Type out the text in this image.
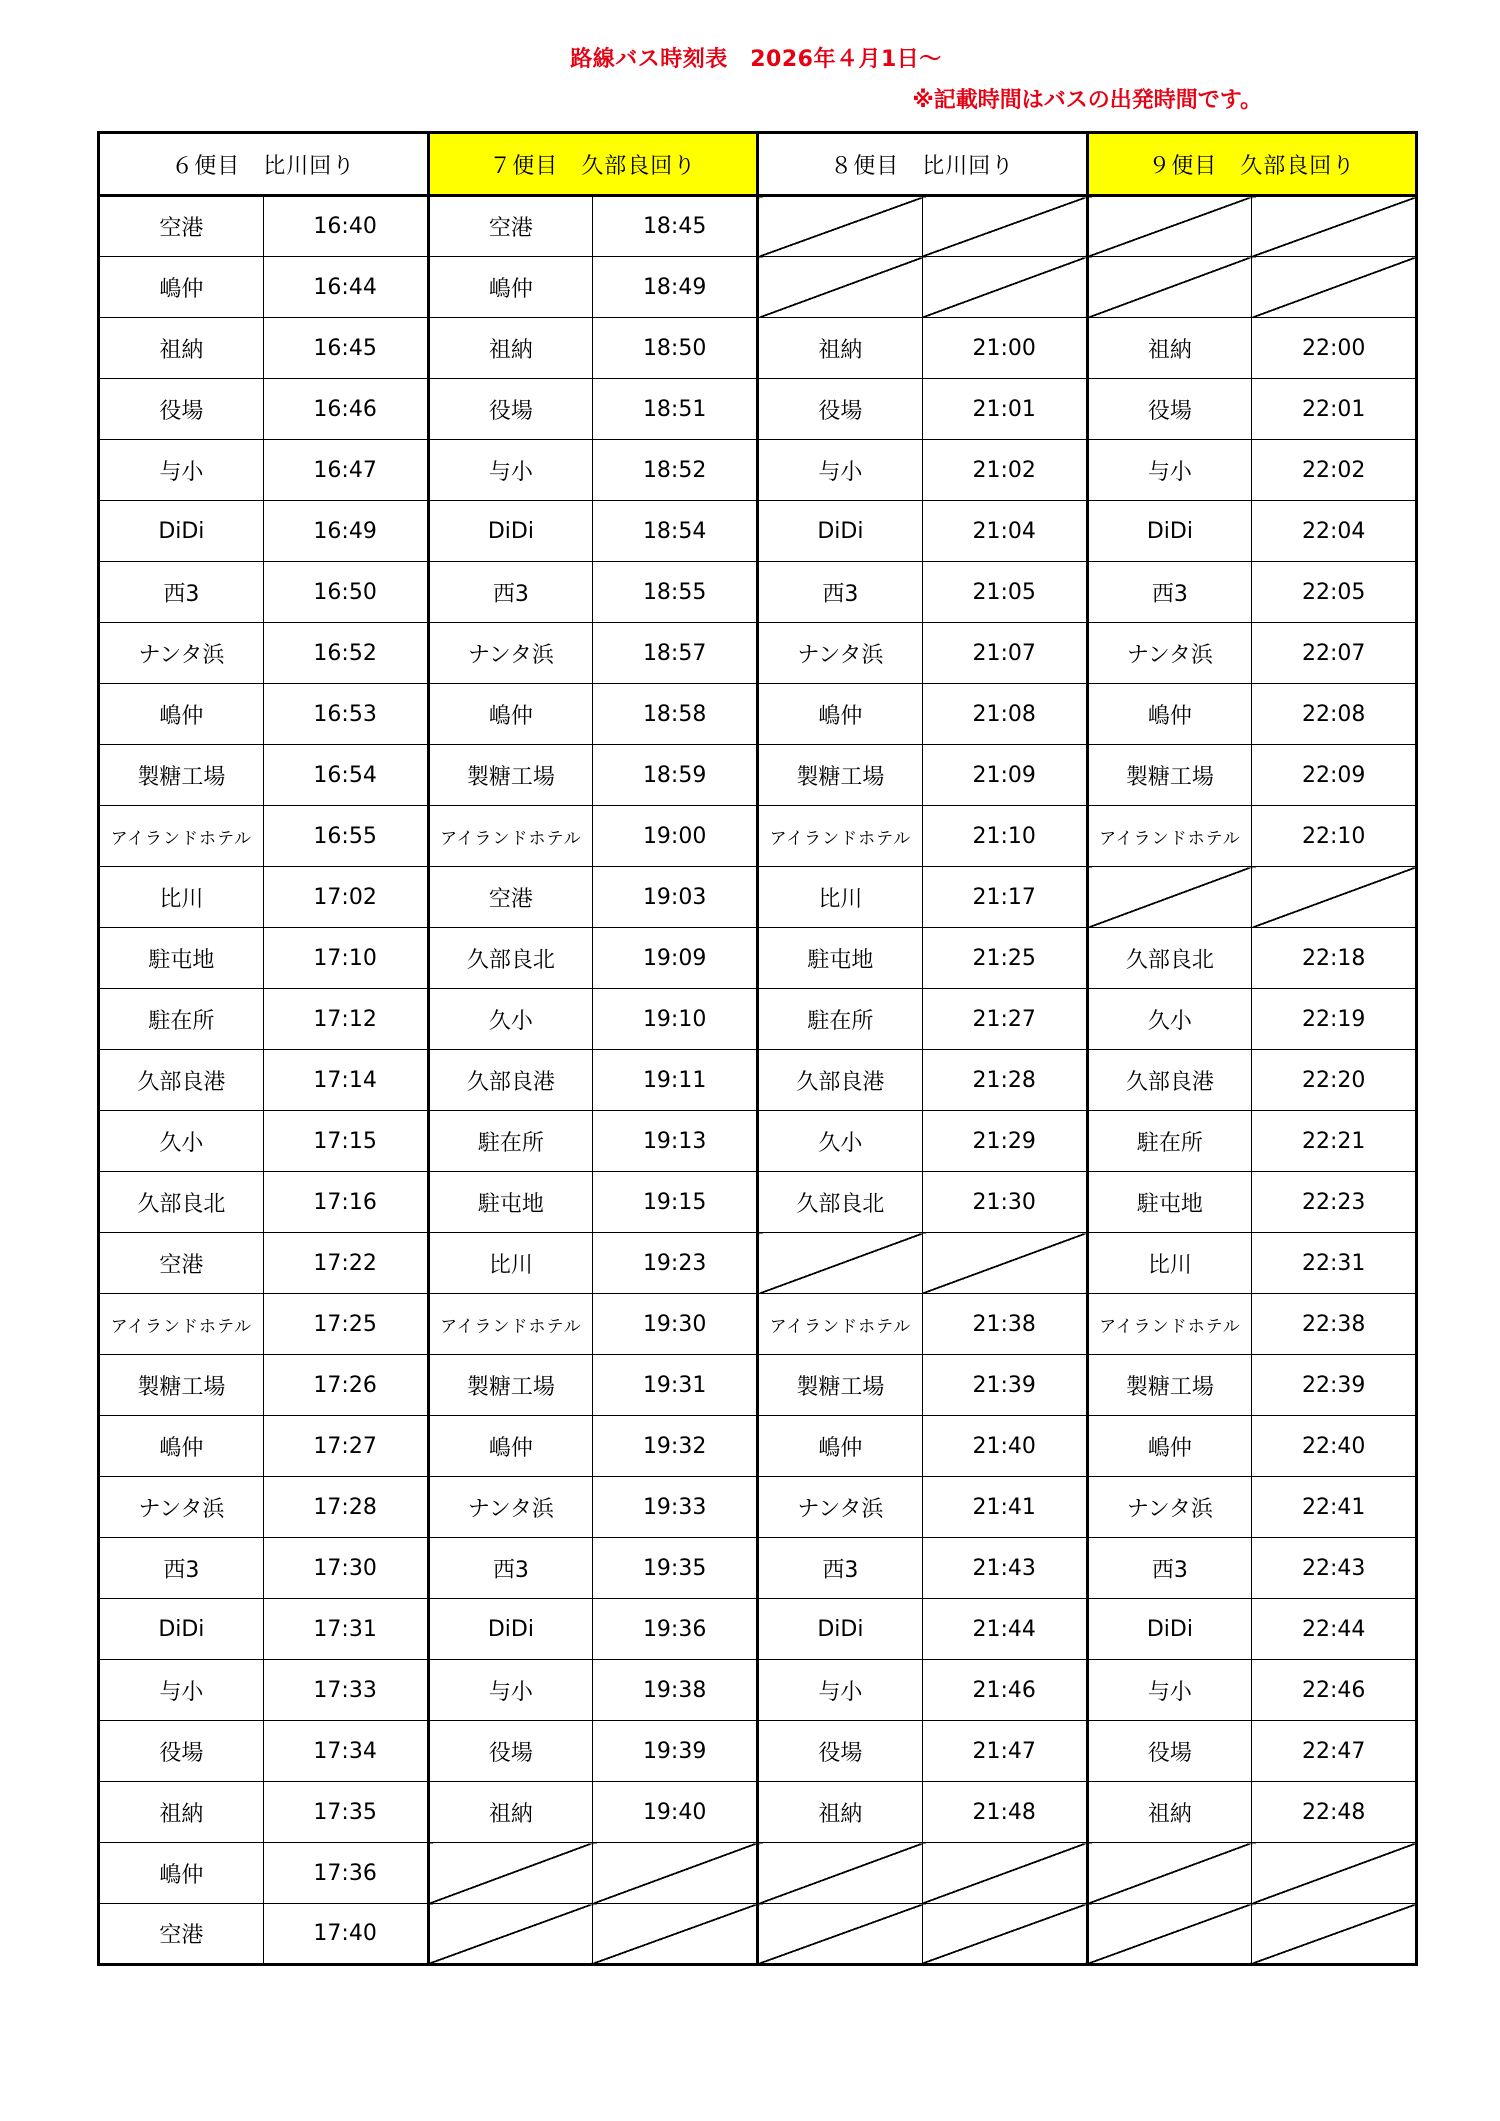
路線バス時刻表　2026年４月1日～
※記載時間はバスの出発時間です。
６便目　比川回り		７便目　久部良回り		８便目　比川回り		９便目　久部良回り	
空港	16:40	空港	18:45				
嶋仲	16:44	嶋仲	18:49				
祖納	16:45	祖納	18:50	祖納	21:00	祖納	22:00
役場	16:46	役場	18:51	役場	21:01	役場	22:01
与小	16:47	与小	18:52	与小	21:02	与小	22:02
DiDi	16:49	DiDi	18:54	DiDi	21:04	DiDi	22:04
西3	16:50	西3	18:55	西3	21:05	西3	22:05
ナンタ浜	16:52	ナンタ浜	18:57	ナンタ浜	21:07	ナンタ浜	22:07
嶋仲	16:53	嶋仲	18:58	嶋仲	21:08	嶋仲	22:08
製糖工場	16:54	製糖工場	18:59	製糖工場	21:09	製糖工場	22:09
アイランドホテル	16:55	アイランドホテル	19:00	アイランドホテル	21:10	アイランドホテル	22:10
比川	17:02	空港	19:03	比川	21:17		
駐屯地	17:10	久部良北	19:09	駐屯地	21:25	久部良北	22:18
駐在所	17:12	久小	19:10	駐在所	21:27	久小	22:19
久部良港	17:14	久部良港	19:11	久部良港	21:28	久部良港	22:20
久小	17:15	駐在所	19:13	久小	21:29	駐在所	22:21
久部良北	17:16	駐屯地	19:15	久部良北	21:30	駐屯地	22:23
空港	17:22	比川	19:23			比川	22:31
アイランドホテル	17:25	アイランドホテル	19:30	アイランドホテル	21:38	アイランドホテル	22:38
製糖工場	17:26	製糖工場	19:31	製糖工場	21:39	製糖工場	22:39
嶋仲	17:27	嶋仲	19:32	嶋仲	21:40	嶋仲	22:40
ナンタ浜	17:28	ナンタ浜	19:33	ナンタ浜	21:41	ナンタ浜	22:41
西3	17:30	西3	19:35	西3	21:43	西3	22:43
DiDi	17:31	DiDi	19:36	DiDi	21:44	DiDi	22:44
与小	17:33	与小	19:38	与小	21:46	与小	22:46
役場	17:34	役場	19:39	役場	21:47	役場	22:47
祖納	17:35	祖納	19:40	祖納	21:48	祖納	22:48
嶋仲	17:36						
空港	17:40						
